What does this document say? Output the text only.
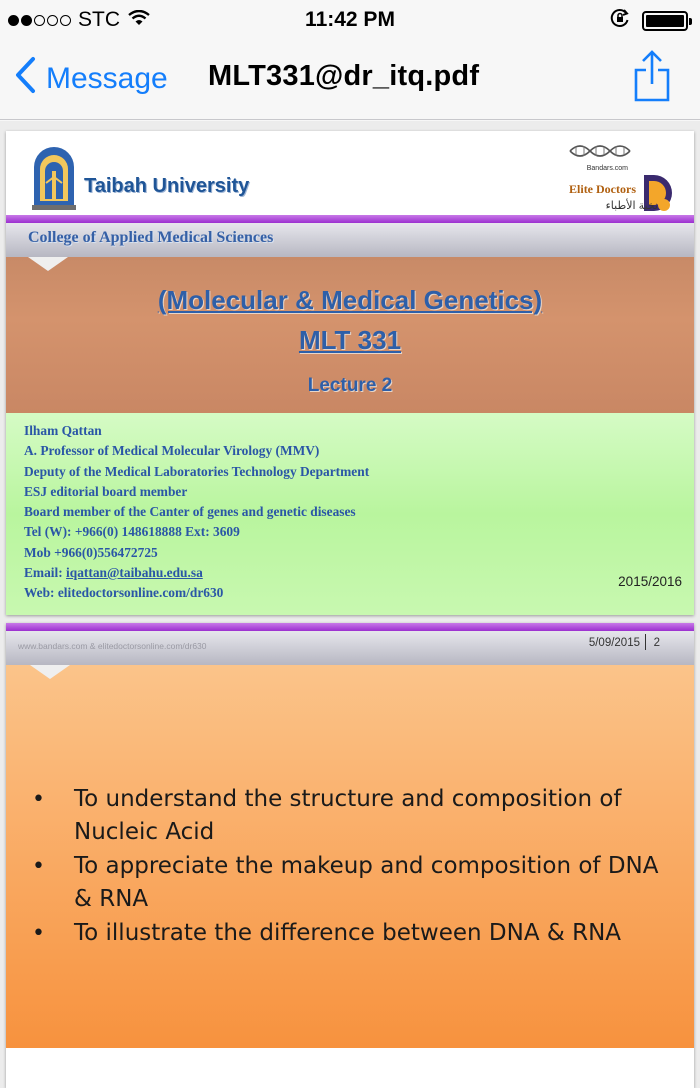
STC	11:42 PM
Message MLT331@dr_itq.pdf
Taibah University
Bandars.com
Elite Doctors
نخبة الأطباء
College of Applied Medical Sciences
(Molecular & Medical Genetics)
MLT 331
Lecture 2
Ilham Qattan
A. Professor of Medical Molecular Virology (MMV)
Deputy of the Medical Laboratories Technology Department
ESJ editorial board member
Board member of the Canter of genes and genetic diseases
Tel (W): +966(0) 148618888 Ext: 3609
Mob +966(0)556472725
Email: iqattan@taibahu.edu.sa
Web: elitedoctorsonline.com/dr630
2015/2016
www.bandars.com & elitedoctorsonline.com/dr630
• To understand the structure and composition of Nucleic Acid
• To appreciate the makeup and composition of DNA & RNA
• To illustrate the difference between DNA & RNA
5/09/2015 2
